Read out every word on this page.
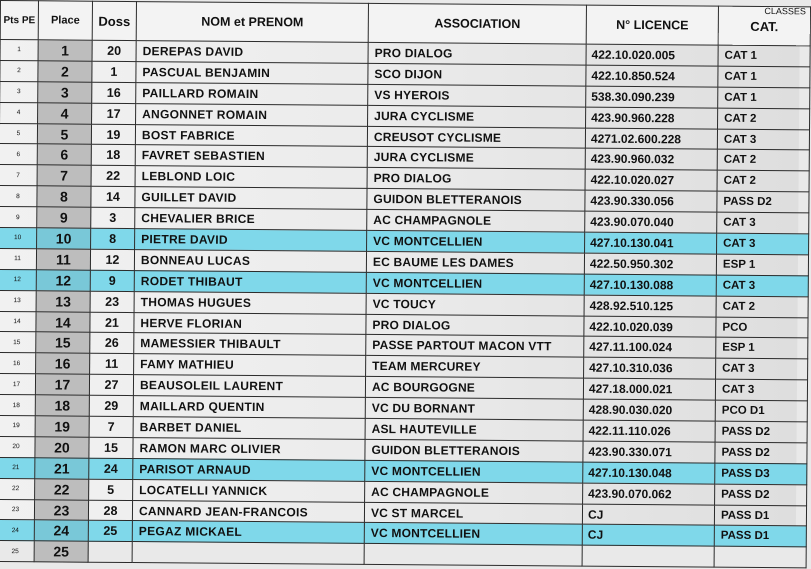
Pts PE	Place	Doss	NOM et PRENOM	ASSOCIATION	N° LICENCE	CLASSES
CAT.
1	1	20	DEREPAS DAVID	PRO DIALOG	422.10.020.005	CAT 1
2	2	1	PASCUAL BENJAMIN	SCO DIJON	422.10.850.524	CAT 1
3	3	16	PAILLARD ROMAIN	VS HYEROIS	538.30.090.239	CAT 1
4	4	17	ANGONNET ROMAIN	JURA CYCLISME	423.90.960.228	CAT 2
5	5	19	BOST FABRICE	CREUSOT CYCLISME	4271.02.600.228	CAT 3
6	6	18	FAVRET SEBASTIEN	JURA CYCLISME	423.90.960.032	CAT 2
7	7	22	LEBLOND LOIC	PRO DIALOG	422.10.020.027	CAT 2
8	8	14	GUILLET DAVID	GUIDON BLETTERANOIS	423.90.330.056	PASS D2
9	9	3	CHEVALIER BRICE	AC CHAMPAGNOLE	423.90.070.040	CAT 3
10	10	8	PIETRE DAVID	VC MONTCELLIEN	427.10.130.041	CAT 3
11	11	12	BONNEAU LUCAS	EC BAUME LES DAMES	422.50.950.302	ESP 1
12	12	9	RODET THIBAUT	VC MONTCELLIEN	427.10.130.088	CAT 3
13	13	23	THOMAS HUGUES	VC TOUCY	428.92.510.125	CAT 2
14	14	21	HERVE FLORIAN	PRO DIALOG	422.10.020.039	PCO
15	15	26	MAMESSIER THIBAULT	PASSE PARTOUT MACON VTT	427.11.100.024	ESP 1
16	16	11	FAMY MATHIEU	TEAM MERCUREY	427.10.310.036	CAT 3
17	17	27	BEAUSOLEIL LAURENT	AC BOURGOGNE	427.18.000.021	CAT 3
18	18	29	MAILLARD QUENTIN	VC DU BORNANT	428.90.030.020	PCO D1
19	19	7	BARBET DANIEL	ASL HAUTEVILLE	422.11.110.026	PASS D2
20	20	15	RAMON MARC OLIVIER	GUIDON BLETTERANOIS	423.90.330.071	PASS D2
21	21	24	PARISOT ARNAUD	VC MONTCELLIEN	427.10.130.048	PASS D3
22	22	5	LOCATELLI YANNICK	AC CHAMPAGNOLE	423.90.070.062	PASS D2
23	23	28	CANNARD JEAN-FRANCOIS	VC ST MARCEL	CJ	PASS D1
24	24	25	PEGAZ MICKAEL	VC MONTCELLIEN	CJ	PASS D1
25	25					
